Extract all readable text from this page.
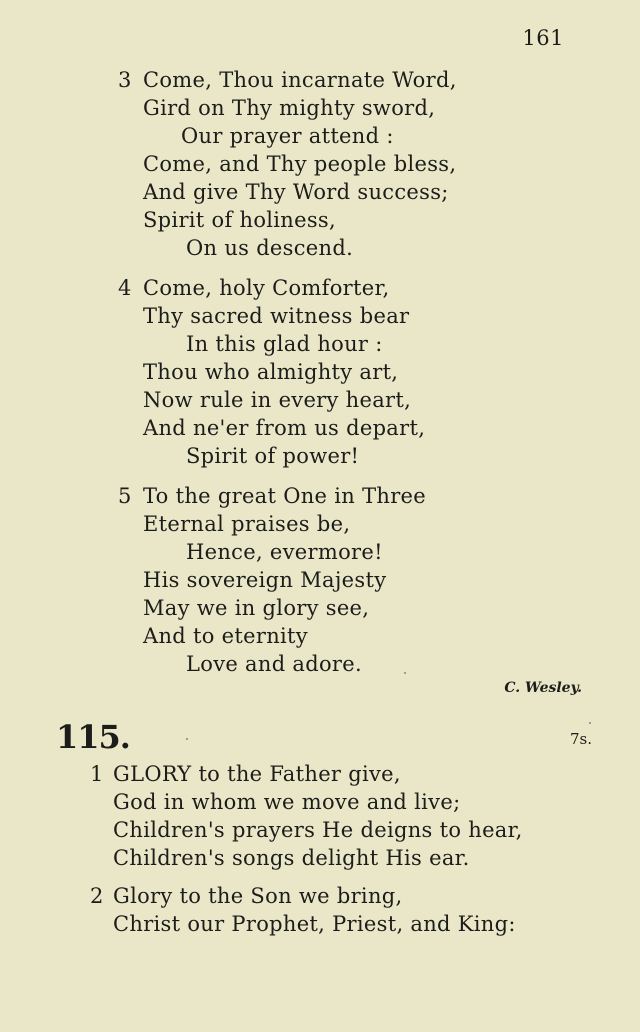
161
3 Come, Thou incarnate Word,
Gird on Thy mighty sword,
Our prayer attend :
Come, and Thy people bless,
And give Thy Word success;
Spirit of holiness,
On us descend.
4 Come, holy Comforter,
Thy sacred witness bear
In this glad hour :
Thou who almighty art,
Now rule in every heart,
And ne'er from us depart,
Spirit of power!
5 To the great One in Three
Eternal praises be,
Hence, evermore!
His sovereign Majesty
May we in glory see,
And to eternity
Love and adore.
C. Wesley.
115.	7s.
1 GLORY to the Father give,
God in whom we move and live;
Children's prayers He deigns to hear,
Children's songs delight His ear.
2 Glory to the Son we bring,
Christ our Prophet, Priest, and King:
